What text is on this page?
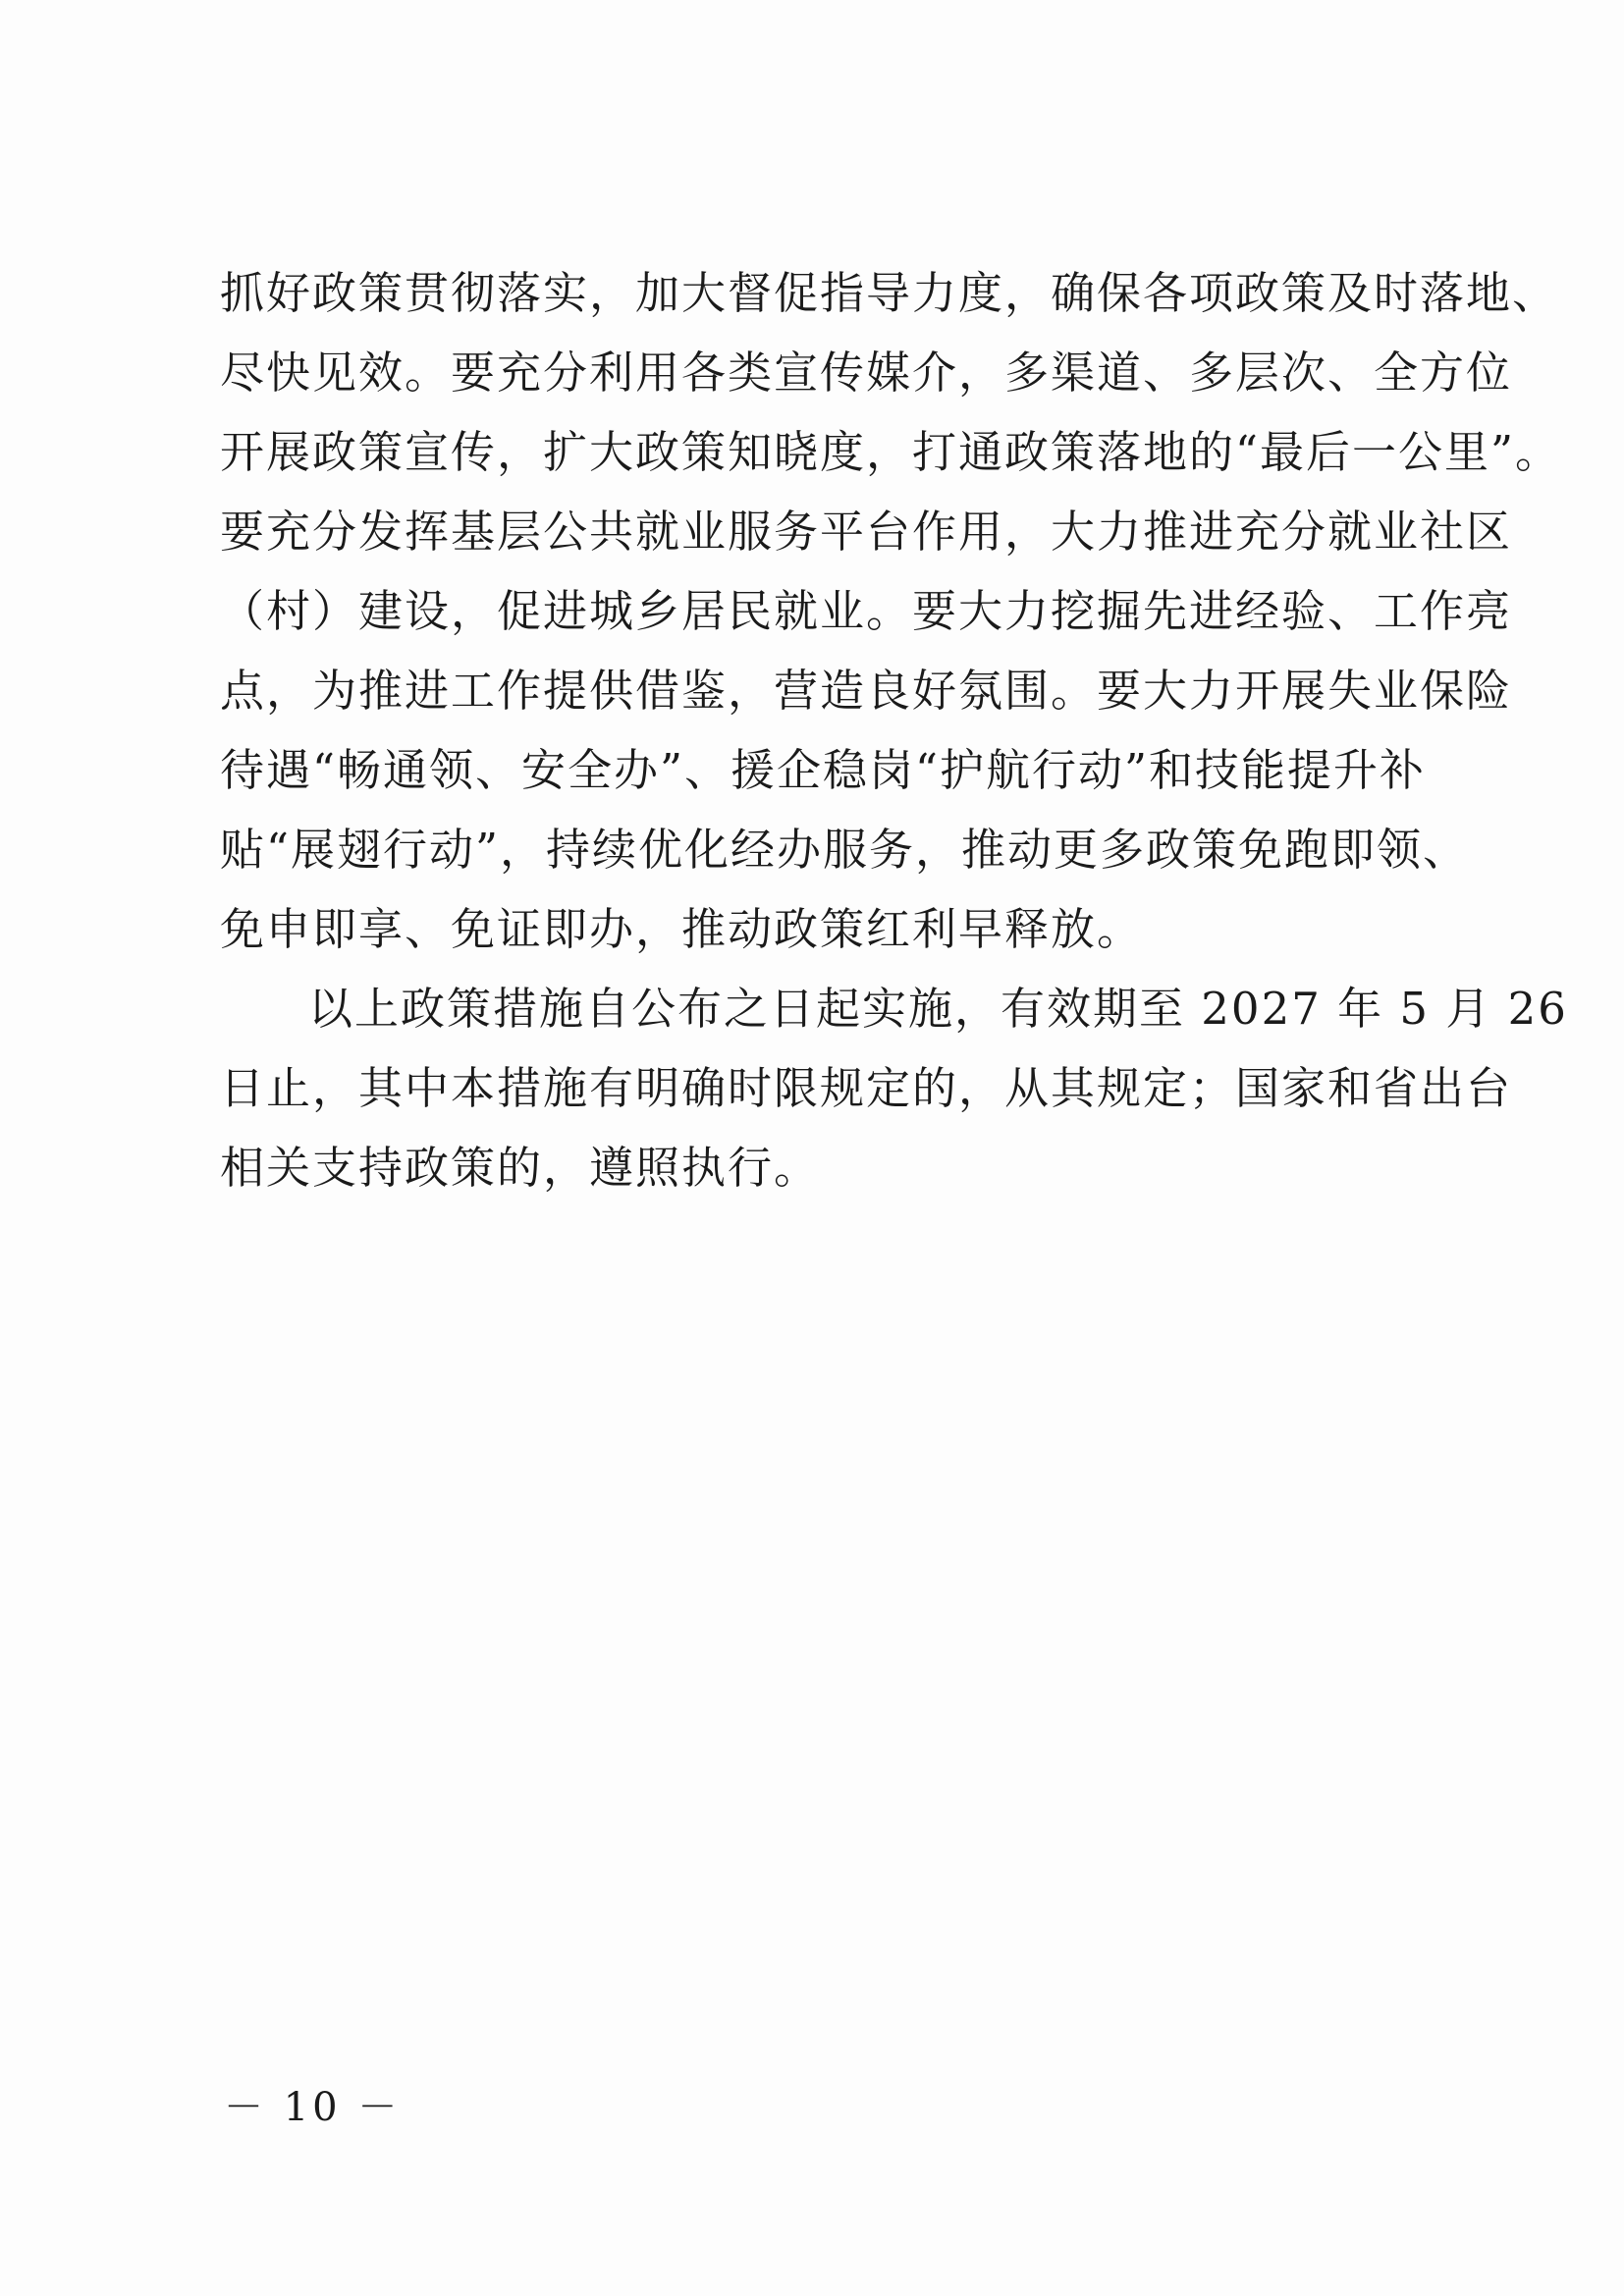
抓好政策贯彻落实，加大督促指导力度，确保各项政策及时落地、
尽快见效。要充分利用各类宣传媒介，多渠道、多层次、全方位
开展政策宣传，扩大政策知晓度，打通政策落地的“最后一公里”。
要充分发挥基层公共就业服务平台作用，大力推进充分就业社区
（村）建设，促进城乡居民就业。要大力挖掘先进经验、工作亮
点，为推进工作提供借鉴，营造良好氛围。要大力开展失业保险
待遇“畅通领、安全办”、援企稳岗“护航行动”和技能提升补
贴“展翅行动”，持续优化经办服务，推动更多政策免跑即领、
免申即享、免证即办，推动政策红利早释放。
以上政策措施自公布之日起实施，有效期至 2027 年 5 月 26
日止，其中本措施有明确时限规定的，从其规定；国家和省出台
相关支持政策的，遵照执行。
－ 10 －
